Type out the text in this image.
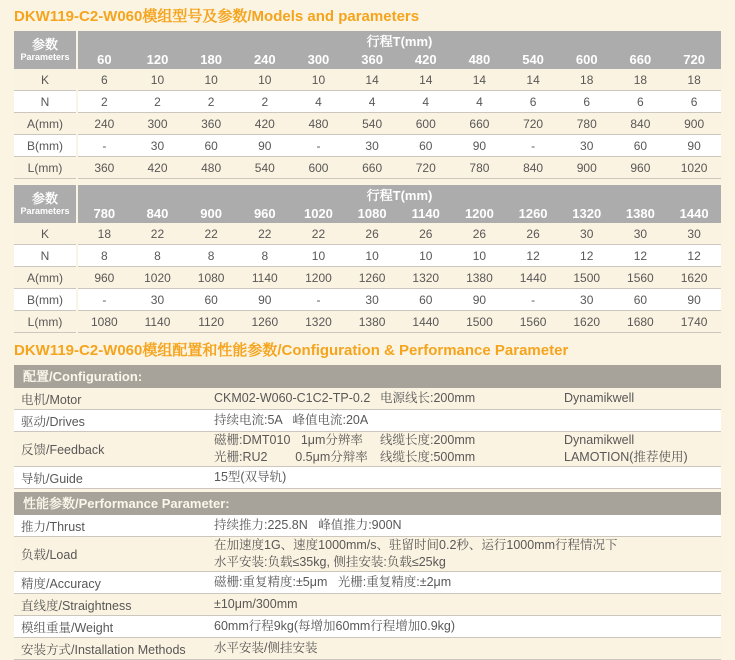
DKW119-C2-W060模组型号及参数/Models and parameters
参数
Parameters	行程T(mm)											
	60	120	180	240	300	360	420	480	540	600	660	720
K	6	10	10	10	10	14	14	14	14	18	18	18
N	2	2	2	2	4	4	4	4	6	6	6	6
A(mm)	240	300	360	420	480	540	600	660	720	780	840	900
B(mm)	-	30	60	90	-	30	60	90	-	30	60	90
L(mm)	360	420	480	540	600	660	720	780	840	900	960	1020
参数
Parameters	行程T(mm)											
	780	840	900	960	1020	1080	1140	1200	1260	1320	1380	1440
K	18	22	22	22	22	26	26	26	26	30	30	30
N	8	8	8	8	10	10	10	10	12	12	12	12
A(mm)	960	1020	1080	1140	1200	1260	1320	1380	1440	1500	1560	1620
B(mm)	-	30	60	90	-	30	60	90	-	30	60	90
L(mm)	1080	1140	1120	1260	1320	1380	1440	1500	1560	1620	1680	1740
DKW119-C2-W060模组配置和性能参数/Configuration & Performance Parameter
配置/Configuration:
电机/Motor	CKM02-W060-C1C2-TP-0.2 电源线长:200mm	Dynamikwell
驱动/Drives	持续电流:5A   峰值电流:20A
反馈/Feedback
磁栅:DMT010   1μm分辨率	线缆长度:200mm	Dynamikwell
光栅:RU2        0.5μm分辩率 线缆长度:500mm	LAMOTION(推荐使用)
导轨/Guide	15型(双导轨)
性能参数/Performance Parameter:
推力/Thrust	持续推力:225.8N   峰值推力:900N
负载/Load
在加速度1G、速度1000mm/s、驻留时间0.2秒、运行1000mm行程情况下
水平安装:负载≤35kg, 侧挂安装:负载≤25kg
精度/Accuracy	磁栅:重复精度:±5μm   光栅:重复精度:±2μm
直线度/Straightness	±10μm/300mm
模组重量/Weight	60mm行程9kg(每增加60mm行程增加0.9kg)
安装方式/Installation Methods	水平安装/侧挂安装
